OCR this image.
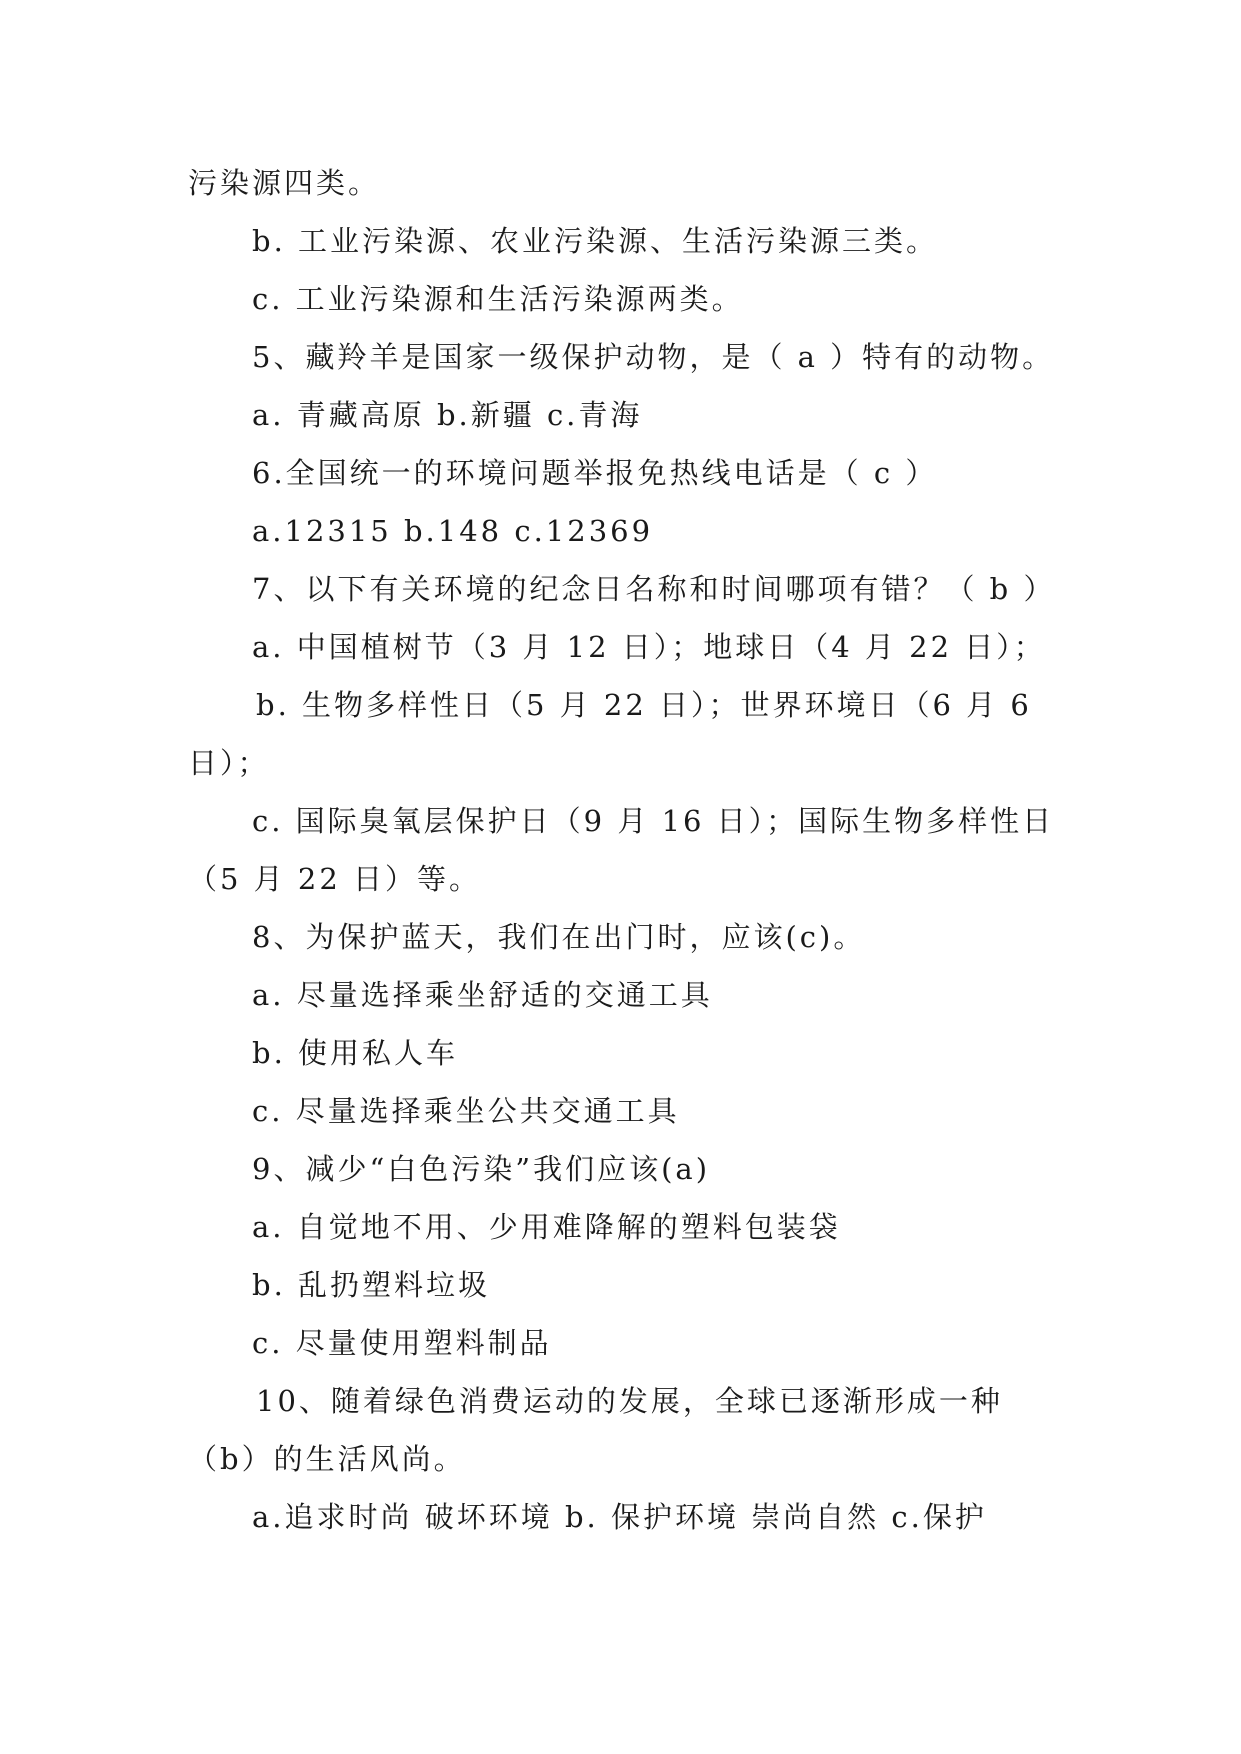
污染源四类。
b. 工业污染源、农业污染源、生活污染源三类。
c. 工业污染源和生活污染源两类。
5、藏羚羊是国家一级保护动物，是（ a ）特有的动物。
a. 青藏高原 b.新疆 c.青海
6.全国统一的环境问题举报免热线电话是（ c ）
a.12315 b.148 c.12369
7、以下有关环境的纪念日名称和时间哪项有错？（ b ）
a. 中国植树节（3 月 12 日）；地球日（4 月 22 日）；
b. 生物多样性日（5 月 22 日）；世界环境日（6 月 6
日）；
c. 国际臭氧层保护日（9 月 16 日）；国际生物多样性日
（5 月 22 日）等。
8、为保护蓝天，我们在出门时，应该(c)。
a. 尽量选择乘坐舒适的交通工具
b. 使用私人车
c. 尽量选择乘坐公共交通工具
9、减少“白色污染”我们应该(a)
a. 自觉地不用、少用难降解的塑料包装袋
b. 乱扔塑料垃圾
c. 尽量使用塑料制品
10、随着绿色消费运动的发展，全球已逐渐形成一种
（b）的生活风尚。
a.追求时尚 破坏环境 b. 保护环境 崇尚自然 c.保护
